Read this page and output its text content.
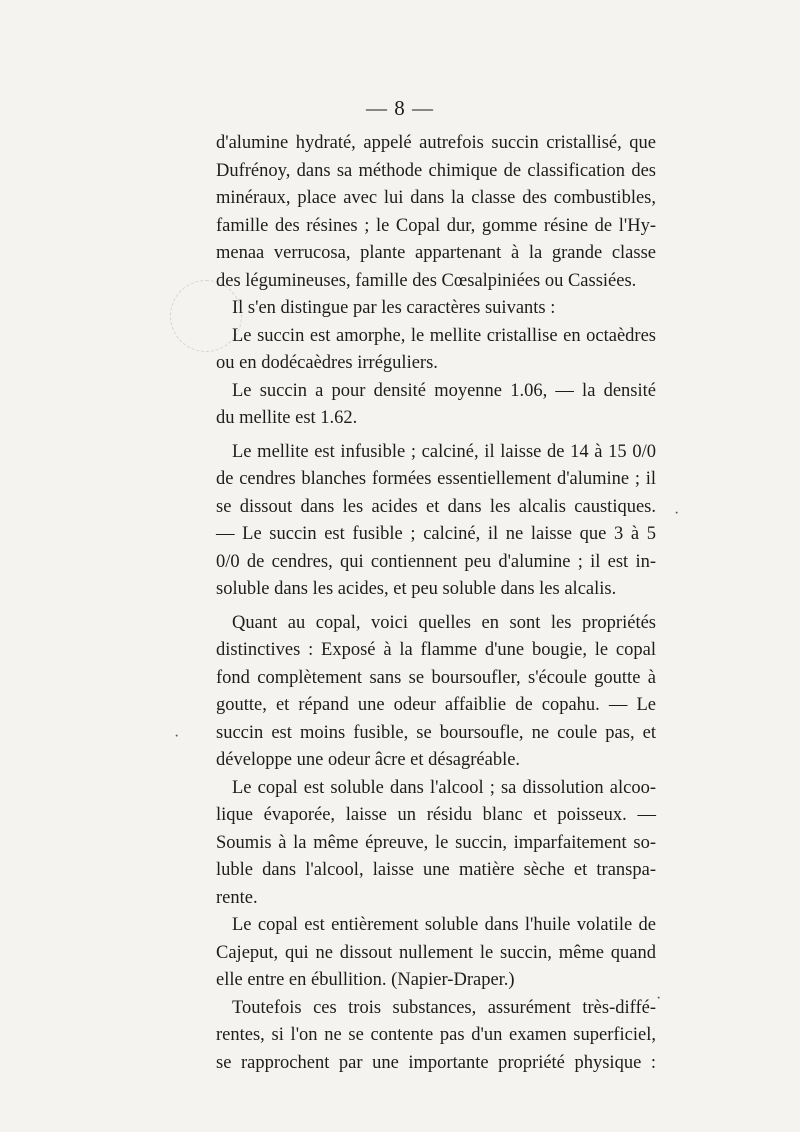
— 8 —
d'alumine hydraté, appelé autrefois succin cristallisé, que
Dufrénoy, dans sa méthode chimique de classification des
minéraux, place avec lui dans la classe des combustibles,
famille des résines ; le Copal dur, gomme résine de l'Hy-
menaa verrucosa, plante appartenant à la grande classe
des légumineuses, famille des Cœsalpiniées ou Cassiées.
Il s'en distingue par les caractères suivants :
Le succin est amorphe, le mellite cristallise en octaèdres
ou en dodécaèdres irréguliers.
Le succin a pour densité moyenne 1.06, — la densité
du mellite est 1.62.
Le mellite est infusible ; calciné, il laisse de 14 à 15 0/0
de cendres blanches formées essentiellement d'alumine ; il
se dissout dans les acides et dans les alcalis caustiques.
— Le succin est fusible ; calciné, il ne laisse que 3 à 5
0/0 de cendres, qui contiennent peu d'alumine ; il est in-
soluble dans les acides, et peu soluble dans les alcalis.
Quant au copal, voici quelles en sont les propriétés
distinctives : Exposé à la flamme d'une bougie, le copal
fond complètement sans se boursoufler, s'écoule goutte à
goutte, et répand une odeur affaiblie de copahu. — Le
succin est moins fusible, se boursoufle, ne coule pas, et
développe une odeur âcre et désagréable.
Le copal est soluble dans l'alcool ; sa dissolution alcoo-
lique évaporée, laisse un résidu blanc et poisseux. —
Soumis à la même épreuve, le succin, imparfaitement so-
luble dans l'alcool, laisse une matière sèche et transpa-
rente.
Le copal est entièrement soluble dans l'huile volatile de
Cajeput, qui ne dissout nullement le succin, même quand
elle entre en ébullition. (Napier-Draper.)
Toutefois ces trois substances, assurément très-diffé-
rentes, si l'on ne se contente pas d'un examen superficiel,
se rapprochent par une importante propriété physique :
·
·
·
